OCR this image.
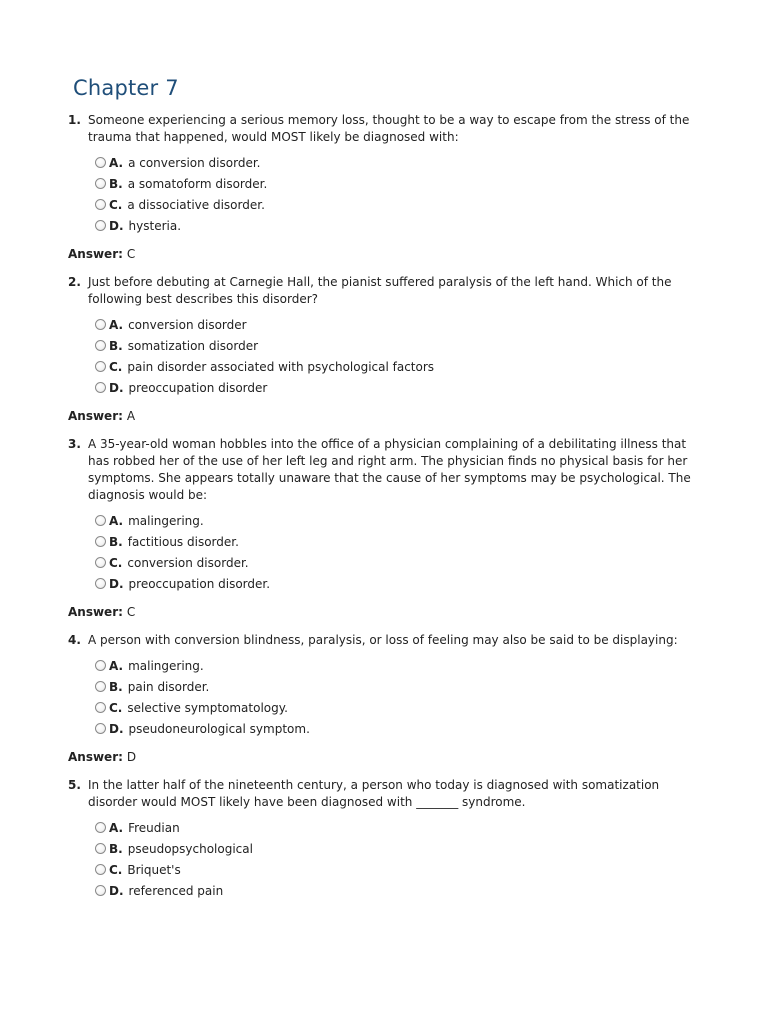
Chapter 7
1. Someone experiencing a serious memory loss, thought to be a way to escape from the stress of the trauma that happened, would MOST likely be diagnosed with:
A. a conversion disorder.
B. a somatoform disorder.
C. a dissociative disorder.
D. hysteria.
Answer: C
2. Just before debuting at Carnegie Hall, the pianist suffered paralysis of the left hand. Which of the following best describes this disorder?
A. conversion disorder
B. somatization disorder
C. pain disorder associated with psychological factors
D. preoccupation disorder
Answer: A
3. A 35-year-old woman hobbles into the office of a physician complaining of a debilitating illness that has robbed her of the use of her left leg and right arm. The physician finds no physical basis for her symptoms. She appears totally unaware that the cause of her symptoms may be psychological. The diagnosis would be:
A. malingering.
B. factitious disorder.
C. conversion disorder.
D. preoccupation disorder.
Answer: C
4. A person with conversion blindness, paralysis, or loss of feeling may also be said to be displaying:
A. malingering.
B. pain disorder.
C. selective symptomatology.
D. pseudoneurological symptom.
Answer: D
5. In the latter half of the nineteenth century, a person who today is diagnosed with somatization disorder would MOST likely have been diagnosed with _______ syndrome.
A. Freudian
B. pseudopsychological
C. Briquet's
D. referenced pain
